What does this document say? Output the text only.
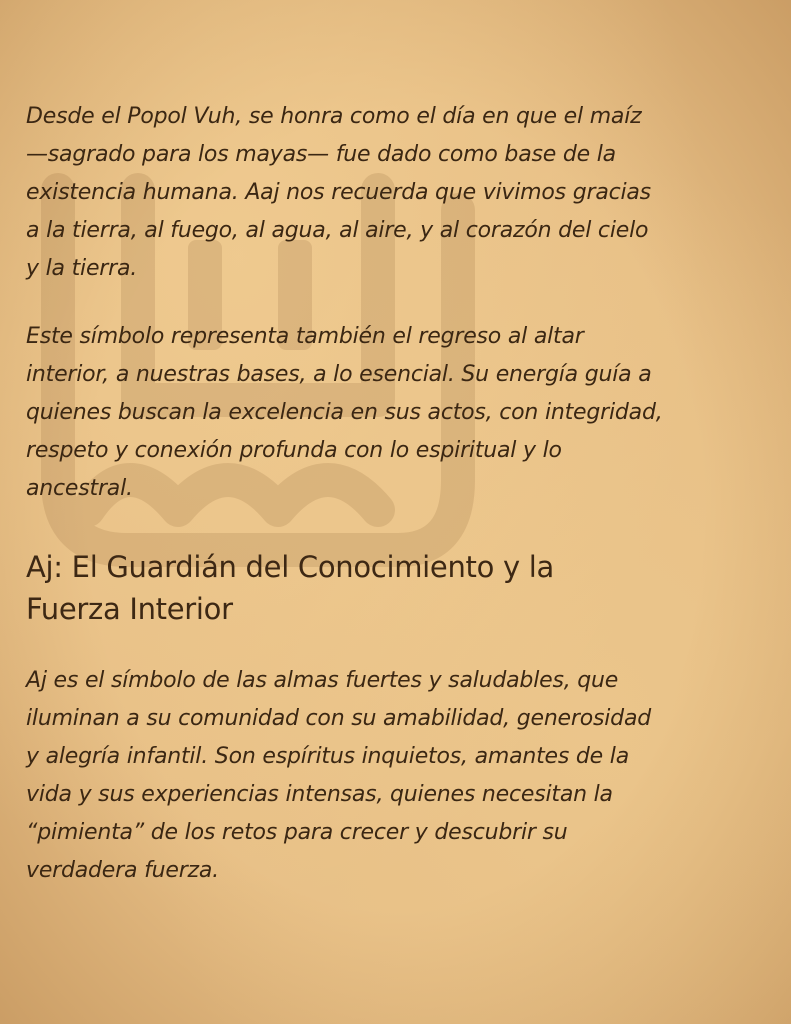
Desde el Popol Vuh, se honra como el día en que el maíz
—sagrado para los mayas— fue dado como base de la
existencia humana. Aaj nos recuerda que vivimos gracias
a la tierra, al fuego, al agua, al aire, y al corazón del cielo
y la tierra.

Este símbolo representa también el regreso al altar
interior, a nuestras bases, a lo esencial. Su energía guía a
quienes buscan la excelencia en sus actos, con integridad,
respeto y conexión profunda con lo espiritual y lo
ancestral.

Aj: El Guardián del Conocimiento y la
Fuerza Interior

Aj es el símbolo de las almas fuertes y saludables, que
iluminan a su comunidad con su amabilidad, generosidad
y alegría infantil. Son espíritus inquietos, amantes de la
vida y sus experiencias intensas, quienes necesitan la
“pimienta” de los retos para crecer y descubrir su
verdadera fuerza.
